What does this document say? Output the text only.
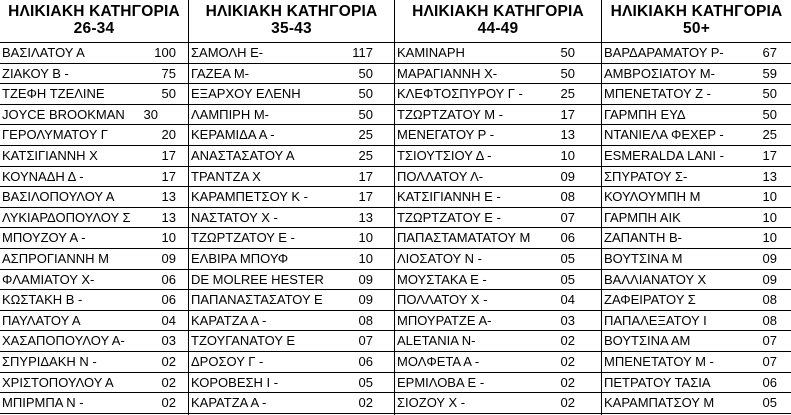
ΗΛΙΚΙΑΚΗ ΚΑΤΗΓΟΡΙΑ
26-34
ΒΑΣΙΛΑΤΟΥ Α	100
ΖΙΑΚΟΥ Β -	75
ΤΖΕΦΗ ΤΖΕΛΙΝΕ	50
JOYCE BROOKMAN 30
ΓΕΡΟΛΥΜΑΤΟΥ Γ	20
ΚΑΤΣΙΓΙΑΝΝΗ Χ	17
ΚΟΥΝΑΔΗ Δ -	17
ΒΑΣΙΛΟΠΟΥΛΟΥ Α	13
ΛΥΚΙΑΡΔΟΠΟΥΛΟΥ Σ 13
ΜΠΟΥΖΟΥ Α -	10
ΑΣΠΡΟΓΙΑΝΝΗ Μ	09
ΦΛΑΜΙΑΤΟΥ Χ-	06
ΚΩΣΤΑΚΗ Β -	06
ΠΑΥΛΑΤΟΥ Α	04
ΧΑΣΑΠΟΠΟΥΛΟΥ Α-	03
ΣΠΥΡΙΔΑΚΗ Ν -	02
ΧΡΙΣΤΟΠΟΥΛΟΥ Α	02
ΜΠΙΡΜΠΑ Ν -	02
ΗΛΙΚΙΑΚΗ ΚΑΤΗΓΟΡΙΑ
35-43
ΣΑΜΟΛΗ Ε-	117
ΓΑΖΕΑ Μ-	50
ΕΞΑΡΧΟΥ ΕΛΕΝΗ	50
ΛΑΜΠΙΡΗ Μ-	50
ΚΕΡΑΜΙΔΑ Α -	25
ΑΝΑΣΤΑΣΑΤΟΥ Α	25
ΤΡΑΝΤΖΑ Χ	17
ΚΑΡΑΜΠΕΤΣΟΥ Κ -	17
ΝΑΣΤΑΤΟΥ Χ -	13
ΤΖΩΡΤΖΑΤΟΥ Ε -	10
ΕΛΒΙΡΑ ΜΠΟΥΦ	10
DE MOLREE HESTER	09
ΠΑΠΑΝΑΣΤΑΣΑΤΟΥ Ε	09
ΚΑΡΑΤΖΑ Α -	08
ΤΖΟΥΓΑΝΑΤΟΥ Ε	07
ΔΡΟΣΟΥ Γ -	06
ΚΟΡΟΒΕΣΗ Ι -	05
ΚΑΡΑΤΖΑ Α -	02
ΗΛΙΚΙΑΚΗ ΚΑΤΗΓΟΡΙΑ
44-49
ΚΑΜΙΝΑΡΗ	50
ΜΑΡΑΓΙΑΝΝΗ Χ-	50
ΚΛΕΦΤΟΣΠΥΡΟΥ Γ -	25
ΤΖΩΡΤΖΑΤΟΥ Μ -	17
ΜΕΝΕΓΑΤΟΥ Ρ -	13
ΤΣΙΟΥΤΣΙΟΥ Δ -	10
ΠΟΛΛΑΤΟΥ Λ-	09
ΚΑΤΣΙΓΙΑΝΝΗ Ε -	08
ΤΖΩΡΤΖΑΤΟΥ Ε -	07
ΠΑΠΑΣΤΑΜΑΤΑΤΟΥ Μ 06
ΛΙΟΣΑΤΟΥ Ν -	05
ΜΟΥΣΤΑΚΑ Ε -	05
ΠΟΛΛΑΤΟΥ Χ -	04
ΜΠΟΥΡΑΤΖΕ Α-	03
ALETANIA N-	02
ΜΟΛΦΕΤΑ Α -	02
ΕΡΜΙΛΟΒΑ Ε -	02
ΣΙΟΖΟΥ Χ -	02
ΗΛΙΚΙΑΚΗ ΚΑΤΗΓΟΡΙΑ
50+
ΒΑΡΔΑΡΑΜΑΤΟΥ Ρ-	67
ΑΜΒΡΟΣΙΑΤΟΥ Μ-	59
ΜΠΕΝΕΤΑΤΟΥ Ζ -	50
ΓΑΡΜΠΗ ΕΥΔ	50
ΝΤΑΝΙΕΛΑ ΦΕΧΕΡ -	25
ESMERALDA LANI -	17
ΣΠΥΡΑΤΟΥ Σ-	13
ΚΟΥΛΟΥΜΠΗ Μ	10
ΓΑΡΜΠΗ ΑΙΚ	10
ΖΑΠΑΝΤΗ Β-	10
ΒΟΥΤΣΙΝΑ Μ	09
ΒΑΛΛΙΑΝΑΤΟΥ Χ	09
ΖΑΦΕΙΡΑΤΟΥ Σ	08
ΠΑΠΑΛΕΞΑΤΟΥ Ι	08
ΒΟΥΤΣΙΝΑ ΑΜ	07
ΜΠΕΝΕΤΑΤΟΥ Μ -	07
ΠΕΤΡΑΤΟΥ ΤΑΣΙΑ	06
ΚΑΡΑΜΠΑΤΣΟΥ Μ	05
